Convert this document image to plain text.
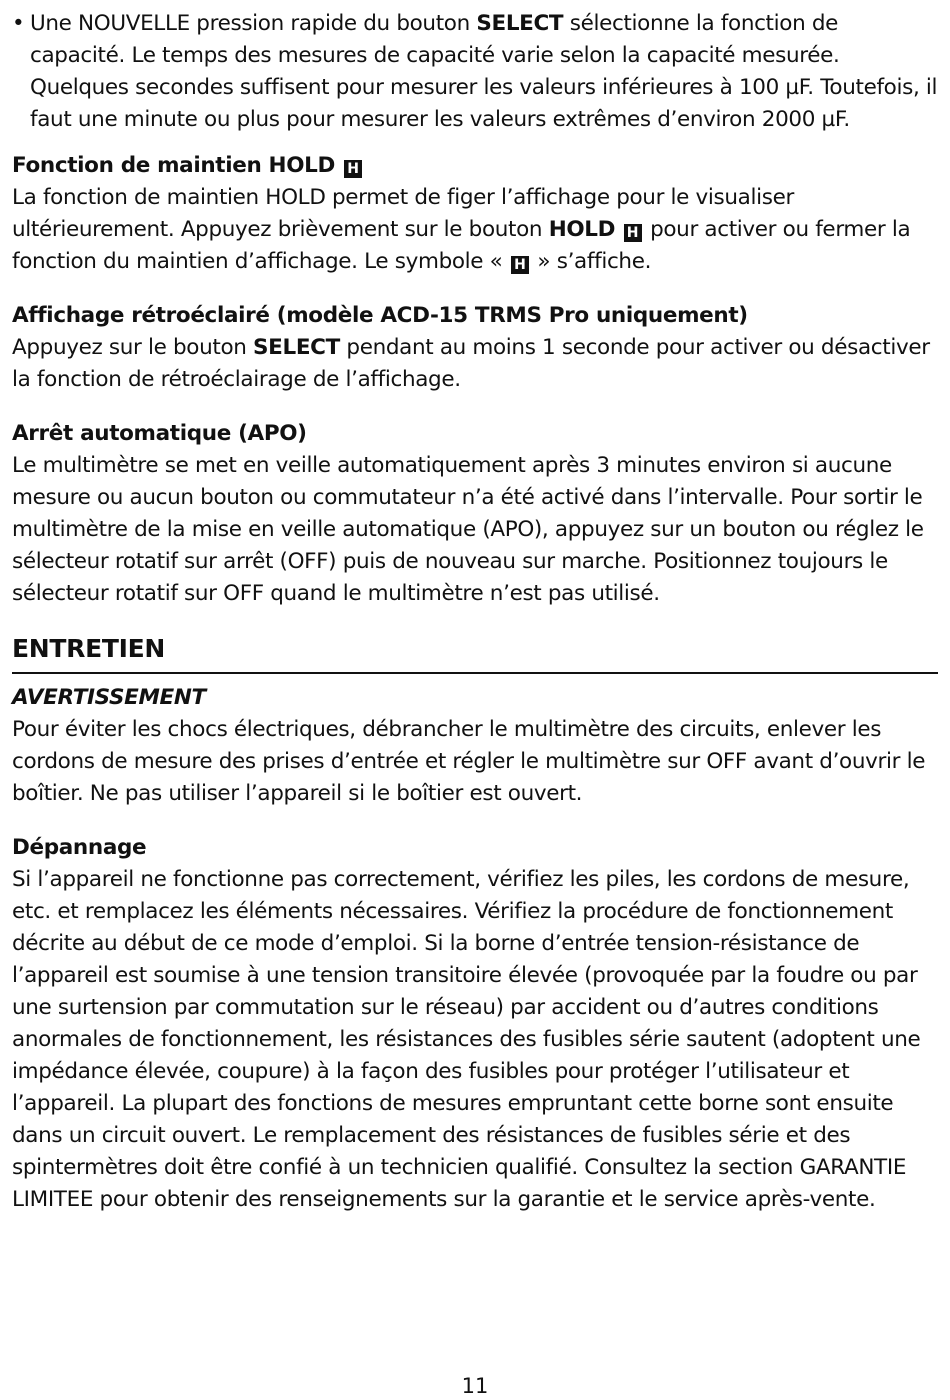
• Une NOUVELLE pression rapide du bouton SELECT sélectionne la fonction de capacité. Le temps des mesures de capacité varie selon la capacité mesurée. Quelques secondes suffisent pour mesurer les valeurs inférieures à 100 µF. Toutefois, il faut une minute ou plus pour mesurer les valeurs extrêmes d’environ 2000 µF.
Fonction de maintien HOLD H

La fonction de maintien HOLD permet de figer l’affichage pour le visualiser ultérieurement. Appuyez brièvement sur le bouton HOLD H pour activer ou fermer la fonction du maintien d’affichage. Le symbole « H » s’affiche.

Affichage rétroéclairé (modèle ACD-15 TRMS Pro uniquement)

Appuyez sur le bouton SELECT pendant au moins 1 seconde pour activer ou désactiver la fonction de rétroéclairage de l’affichage.

Arrêt automatique (APO)

Le multimètre se met en veille automatiquement après 3 minutes environ si aucune mesure ou aucun bouton ou commutateur n’a été activé dans l’intervalle. Pour sortir le multimètre de la mise en veille automatique (APO), appuyez sur un bouton ou réglez le sélecteur rotatif sur arrêt (OFF) puis de nouveau sur marche. Positionnez toujours le sélecteur rotatif sur OFF quand le multimètre n’est pas utilisé.

ENTRETIEN

AVERTISSEMENT

Pour éviter les chocs électriques, débrancher le multimètre des circuits, enlever les cordons de mesure des prises d’entrée et régler le multimètre sur OFF avant d’ouvrir le boîtier. Ne pas utiliser l’appareil si le boîtier est ouvert.

Dépannage

Si l’appareil ne fonctionne pas correctement, vérifiez les piles, les cordons de mesure, etc. et remplacez les éléments nécessaires. Vérifiez la procédure de fonctionnement décrite au début de ce mode d’emploi. Si la borne d’entrée tension-résistance de l’appareil est soumise à une tension transitoire élevée (provoquée par la foudre ou par une surtension par commutation sur le réseau) par accident ou d’autres conditions anormales de fonctionnement, les résistances des fusibles série sautent (adoptent une impédance élevée, coupure) à la façon des fusibles pour protéger l’utilisateur et l’appareil. La plupart des fonctions de mesures empruntant cette borne sont ensuite dans un circuit ouvert. Le remplacement des résistances de fusibles série et des spintermètres doit être confié à un technicien qualifié. Consultez la section GARANTIE LIMITEE pour obtenir des renseignements sur la garantie et le service après-vente.

11
